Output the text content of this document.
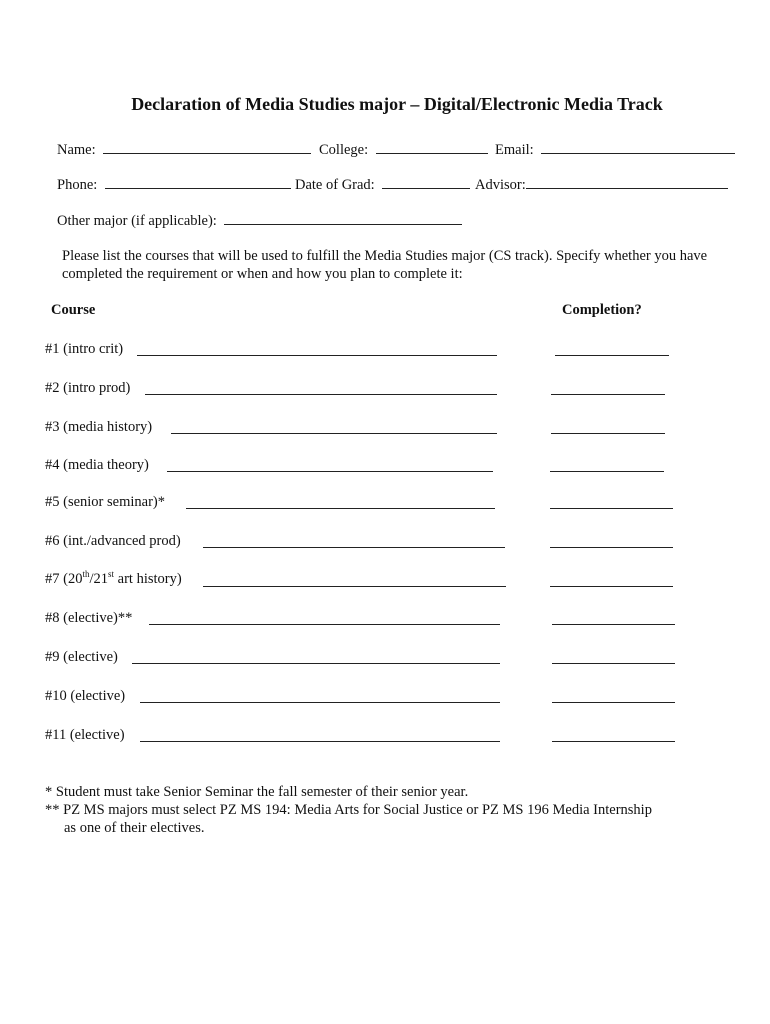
Declaration of Media Studies major – Digital/Electronic Media Track
Name:	College:	Email:
Phone:	Date of Grad:	Advisor:
Other major (if applicable):
Please list the courses that will be used to fulfill the Media Studies major (CS track). Specify whether you have completed the requirement or when and how you plan to complete it:
Course	Completion?
#1 (intro crit)
#2 (intro prod)
#3 (media history)
#4 (media theory)
#5 (senior seminar)*
#6 (int./advanced prod)
#7 (20th/21st art history)
#8 (elective)**
#9 (elective)
#10 (elective)
#11 (elective)
* Student must take Senior Seminar the fall semester of their senior year.
** PZ MS majors must select PZ MS 194: Media Arts for Social Justice or PZ MS 196 Media Internship
as one of their electives.
